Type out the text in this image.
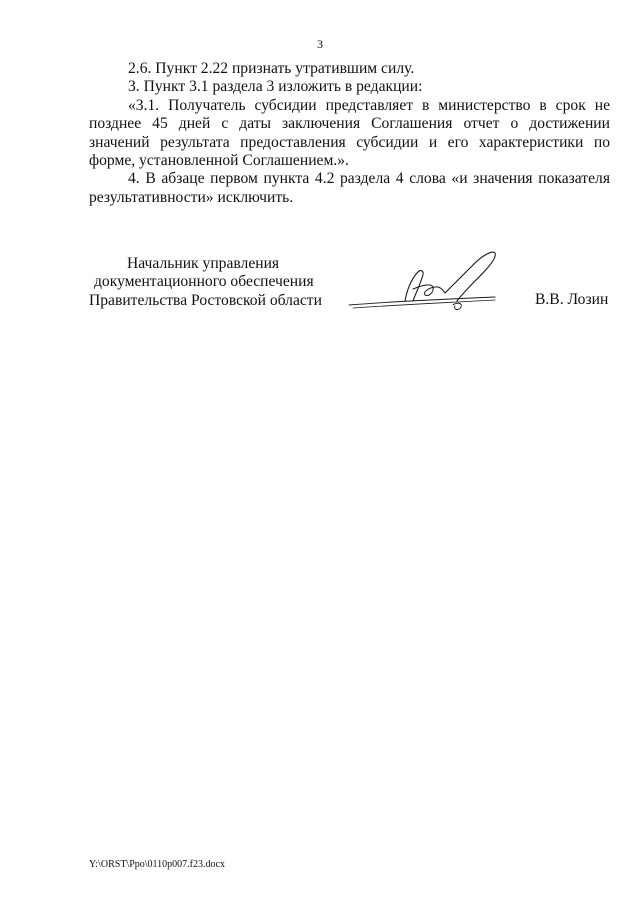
3

2.6. Пункт 2.22 признать утратившим силу.

3. Пункт 3.1 раздела 3 изложить в редакции:

«3.1. Получатель субсидии представляет в министерство в срок не позднее 45 дней с даты заключения Соглашения отчет о достижении значений результата предоставления субсидии и его характеристики по форме, установленной Соглашением.».

4. В абзаце первом пункта 4.2 раздела 4 слова «и значения показателя результативности» исключить.

Начальник управления
документационного обеспечения
Правительства Ростовской области	В.В. Лозин
Y:\ORST\Ppo\0110p007.f23.docx
